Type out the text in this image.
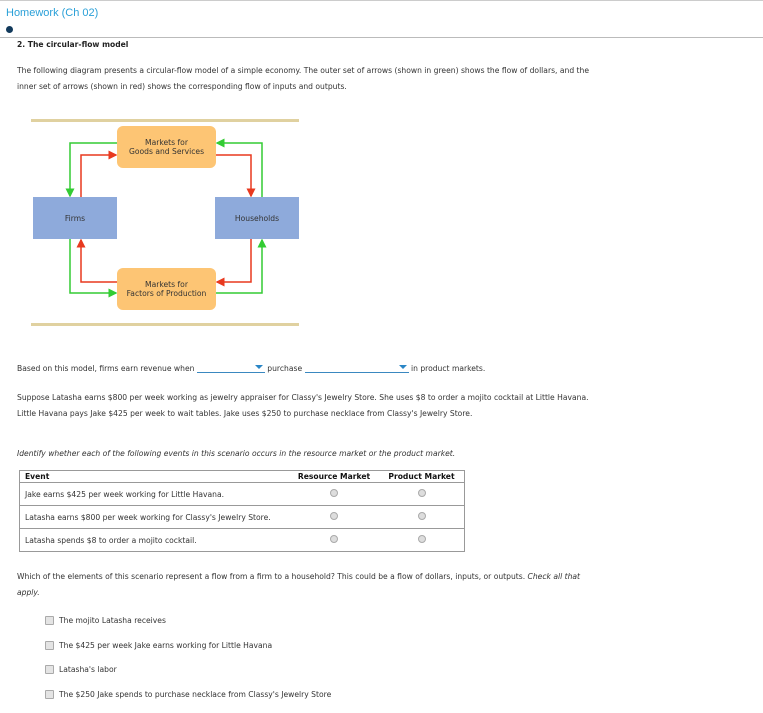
Homework (Ch 02)
2. The circular-flow model
The following diagram presents a circular-flow model of a simple economy. The outer set of arrows (shown in green) shows the flow of dollars, and the
inner set of arrows (shown in red) shows the corresponding flow of inputs and outputs.
Markets for
Goods and Services
Firms	Households
Markets for
Factors of Production
Based on this model, firms earn revenue when	purchase	in product markets.
Suppose Latasha earns $800 per week working as jewelry appraiser for Classy's Jewelry Store. She uses $8 to order a mojito cocktail at Little Havana.
Little Havana pays Jake $425 per week to wait tables. Jake uses $250 to purchase necklace from Classy's Jewelry Store.
Identify whether each of the following events in this scenario occurs in the resource market or the product market.
Event	Resource Market	Product Market
Jake earns $425 per week working for Little Havana.		
Latasha earns $800 per week working for Classy's Jewelry Store.		
Latasha spends $8 to order a mojito cocktail.		
Which of the elements of this scenario represent a flow from a firm to a household? This could be a flow of dollars, inputs, or outputs. Check all that
apply.
The mojito Latasha receives
The $425 per week Jake earns working for Little Havana
Latasha's labor
The $250 Jake spends to purchase necklace from Classy's Jewelry Store
